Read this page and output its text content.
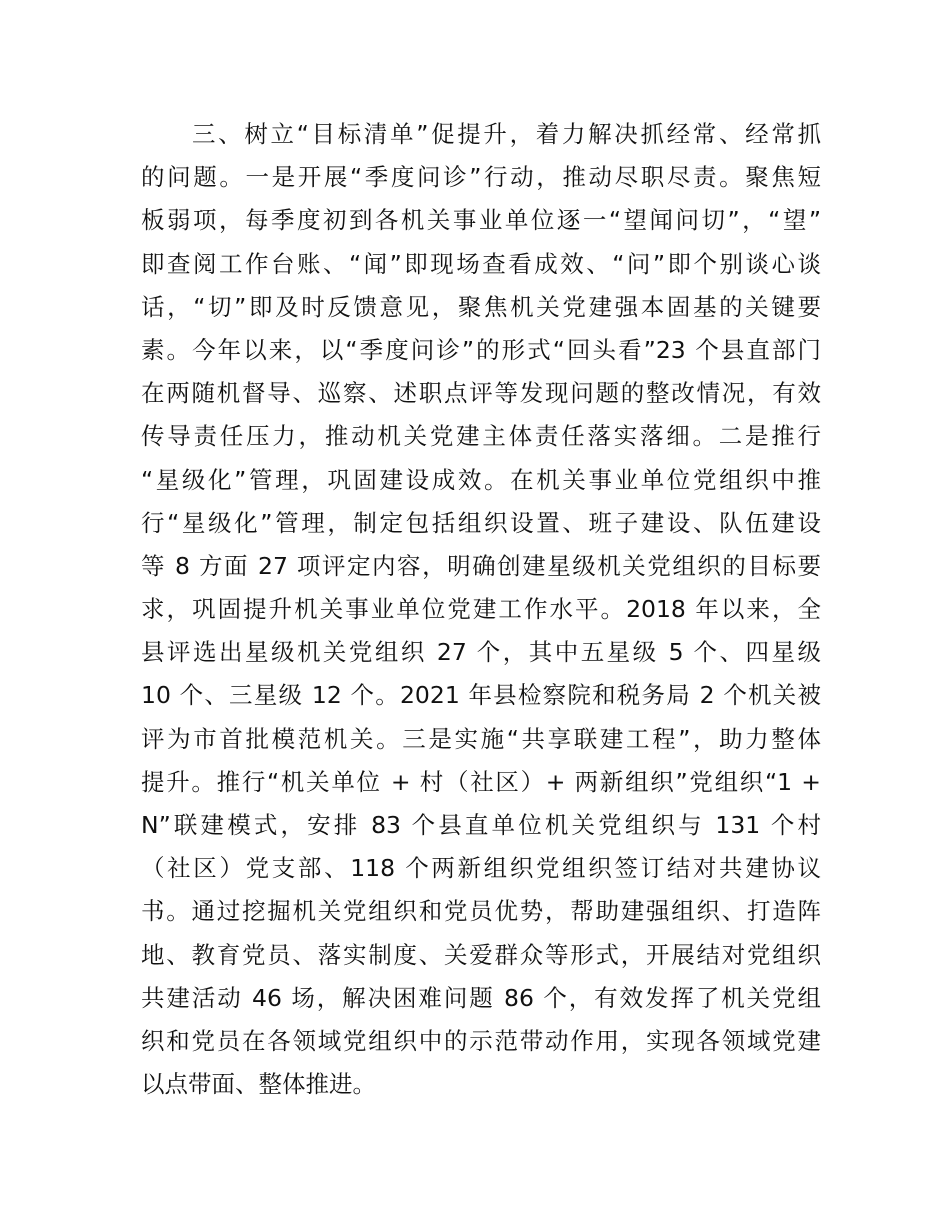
三、树立“目标清单”促提升，着力解决抓经常、经常抓
的问题。一是开展“季度问诊”行动，推动尽职尽责。聚焦短
板弱项，每季度初到各机关事业单位逐一“望闻问切”，“望”
即查阅工作台账、“闻”即现场查看成效、“问”即个别谈心谈
话，“切”即及时反馈意见，聚焦机关党建强本固基的关键要
素。今年以来，以“季度问诊”的形式“回头看”23 个县直部门
在两随机督导、巡察、述职点评等发现问题的整改情况，有效
传导责任压力，推动机关党建主体责任落实落细。二是推行
“星级化”管理，巩固建设成效。在机关事业单位党组织中推
行“星级化”管理，制定包括组织设置、班子建设、队伍建设
等 8 方面 27 项评定内容，明确创建星级机关党组织的目标要
求，巩固提升机关事业单位党建工作水平。2018 年以来，全
县评选出星级机关党组织 27 个，其中五星级 5 个、四星级
10 个、三星级 12 个。2021 年县检察院和税务局 2 个机关被
评为市首批模范机关。三是实施“共享联建工程”，助力整体
提升。推行“机关单位 + 村（社区）+ 两新组织”党组织“1 +
N”联建模式，安排 83 个县直单位机关党组织与 131 个村
（社区）党支部、118 个两新组织党组织签订结对共建协议
书。通过挖掘机关党组织和党员优势，帮助建强组织、打造阵
地、教育党员、落实制度、关爱群众等形式，开展结对党组织
共建活动 46 场，解决困难问题 86 个，有效发挥了机关党组
织和党员在各领域党组织中的示范带动作用，实现各领域党建
以点带面、整体推进。
